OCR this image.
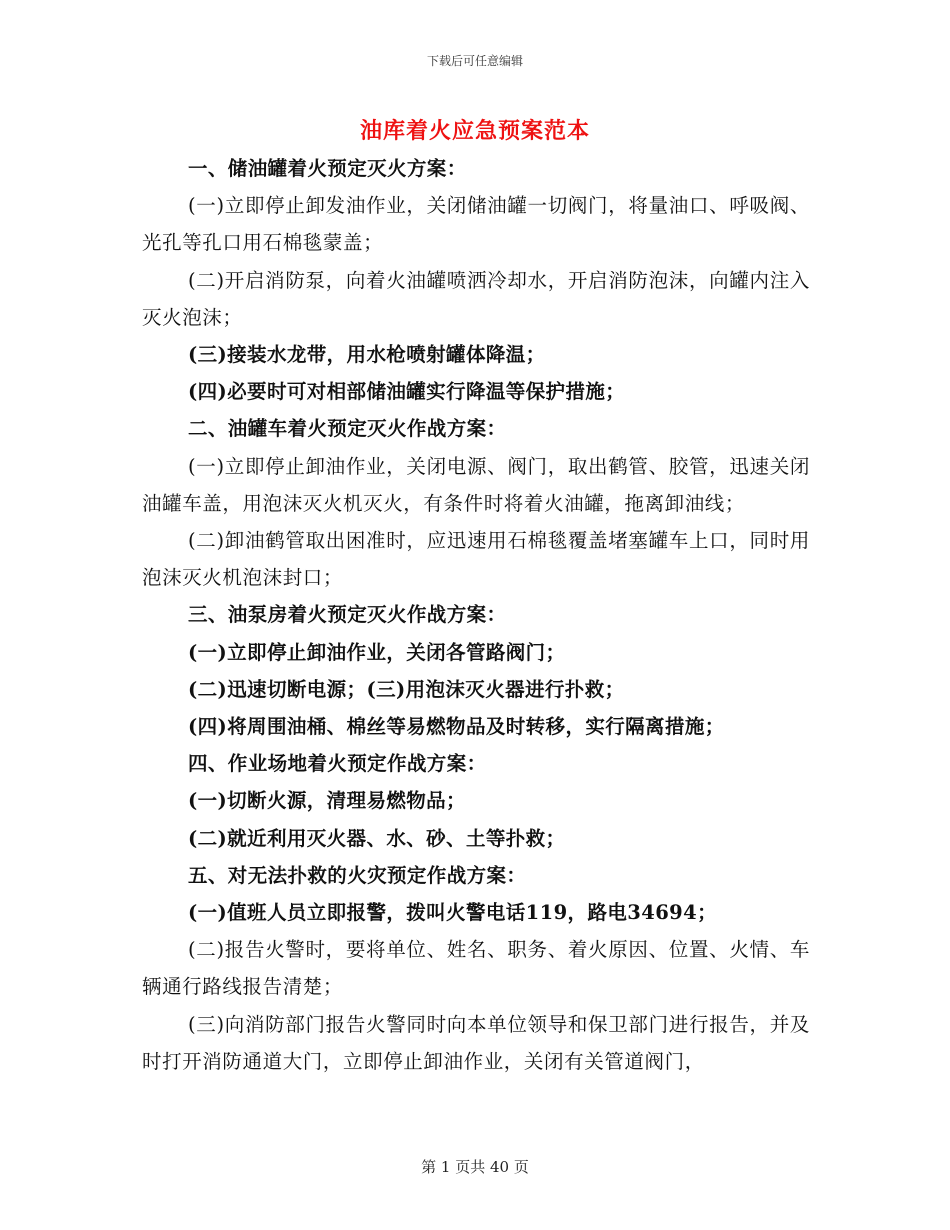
下载后可任意编辑
油库着火应急预案范本

一、储油罐着火预定灭火方案：

(一)立即停止卸发油作业，关闭储油罐一切阀门，将量油口、呼吸阀、光孔等孔口用石棉毯蒙盖；

(二)开启消防泵，向着火油罐喷洒冷却水，开启消防泡沫，向罐内注入灭火泡沫；

(三)接装水龙带，用水枪喷射罐体降温；

(四)必要时可对相部储油罐实行降温等保护措施；

二、油罐车着火预定灭火作战方案：

(一)立即停止卸油作业，关闭电源、阀门，取出鹤管、胶管，迅速关闭油罐车盖，用泡沫灭火机灭火，有条件时将着火油罐，拖离卸油线；

(二)卸油鹤管取出困准时，应迅速用石棉毯覆盖堵塞罐车上口，同时用泡沫灭火机泡沫封口；

三、油泵房着火预定灭火作战方案：

(一)立即停止卸油作业，关闭各管路阀门；

(二)迅速切断电源；(三)用泡沫灭火器进行扑救；

(四)将周围油桶、棉丝等易燃物品及时转移，实行隔离措施；

四、作业场地着火预定作战方案：

(一)切断火源，清理易燃物品；

(二)就近利用灭火器、水、砂、土等扑救；

五、对无法扑救的火灾预定作战方案：

(一)值班人员立即报警，拨叫火警电话119，路电34694；

(二)报告火警时，要将单位、姓名、职务、着火原因、位置、火情、车辆通行路线报告清楚；

(三)向消防部门报告火警同时向本单位领导和保卫部门进行报告，并及时打开消防通道大门，立即停止卸油作业，关闭有关管道阀门，

第 1 页共 40 页
